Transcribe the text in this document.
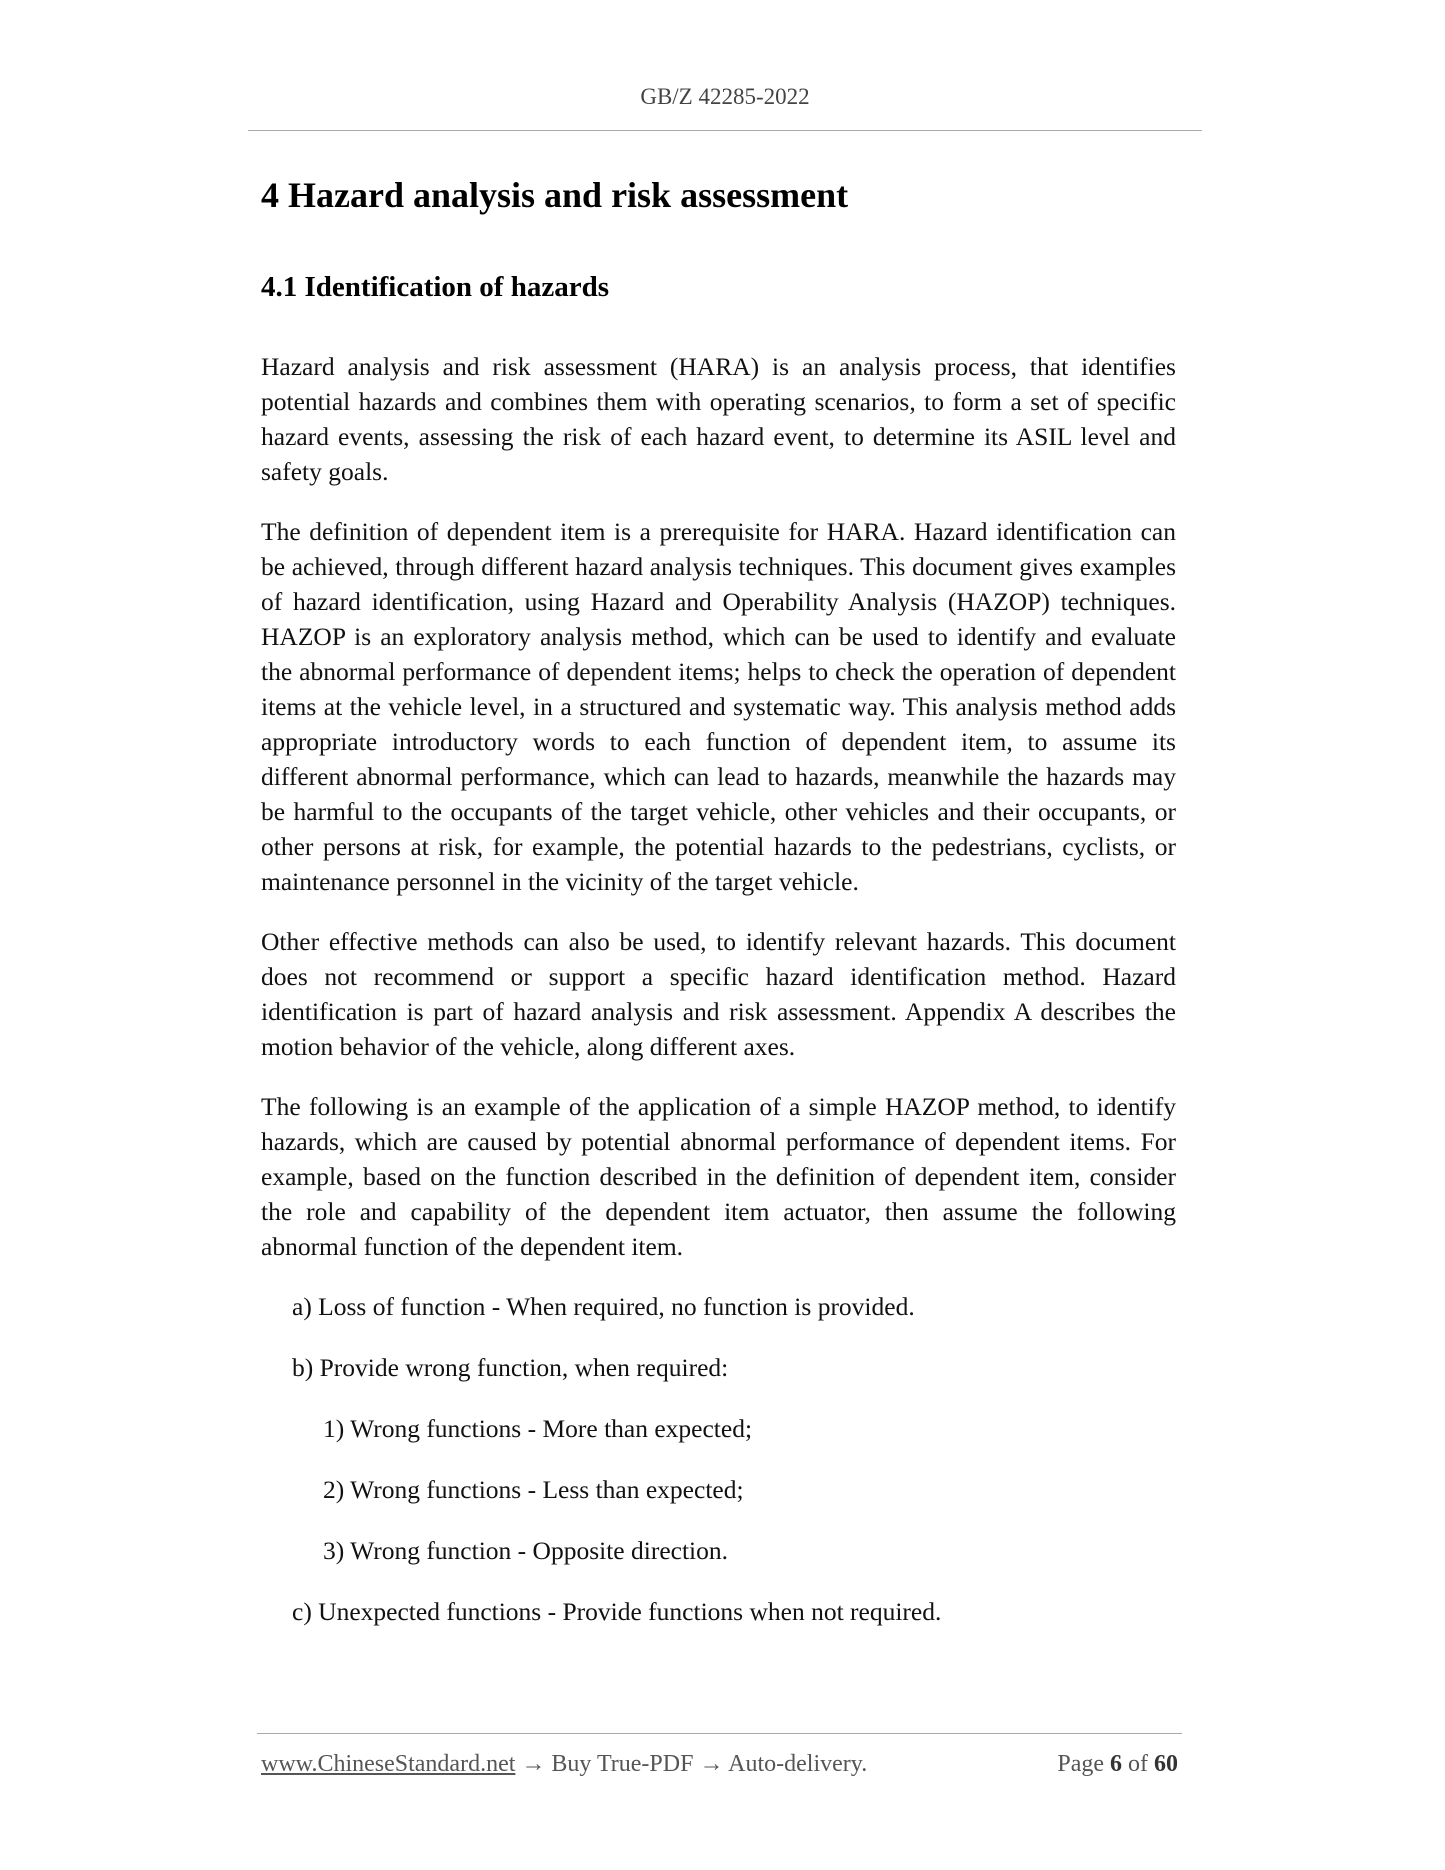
GB/Z 42285-2022
4 Hazard analysis and risk assessment
4.1 Identification of hazards

Hazard analysis and risk assessment (HARA) is an analysis process, that identifies potential hazards and combines them with operating scenarios, to form a set of specific hazard events, assessing the risk of each hazard event, to determine its ASIL level and safety goals.

The definition of dependent item is a prerequisite for HARA. Hazard identification can be achieved, through different hazard analysis techniques. This document gives examples of hazard identification, using Hazard and Operability Analysis (HAZOP) techniques. HAZOP is an exploratory analysis method, which can be used to identify and evaluate the abnormal performance of dependent items; helps to check the operation of dependent items at the vehicle level, in a structured and systematic way. This analysis method adds appropriate introductory words to each function of dependent item, to assume its different abnormal performance, which can lead to hazards, meanwhile the hazards may be harmful to the occupants of the target vehicle, other vehicles and their occupants, or other persons at risk, for example, the potential hazards to the pedestrians, cyclists, or maintenance personnel in the vicinity of the target vehicle.

Other effective methods can also be used, to identify relevant hazards. This document does not recommend or support a specific hazard identification method. Hazard identification is part of hazard analysis and risk assessment. Appendix A describes the motion behavior of the vehicle, along different axes.

The following is an example of the application of a simple HAZOP method, to identify hazards, which are caused by potential abnormal performance of dependent items. For example, based on the function described in the definition of dependent item, consider the role and capability of the dependent item actuator, then assume the following abnormal function of the dependent item.

a) Loss of function - When required, no function is provided.
b) Provide wrong function, when required:
1) Wrong functions - More than expected;
2) Wrong functions - Less than expected;
3) Wrong function - Opposite direction.
c) Unexpected functions - Provide functions when not required.
www.ChineseStandard.net → Buy True-PDF → Auto-delivery.	Page 6 of 60
